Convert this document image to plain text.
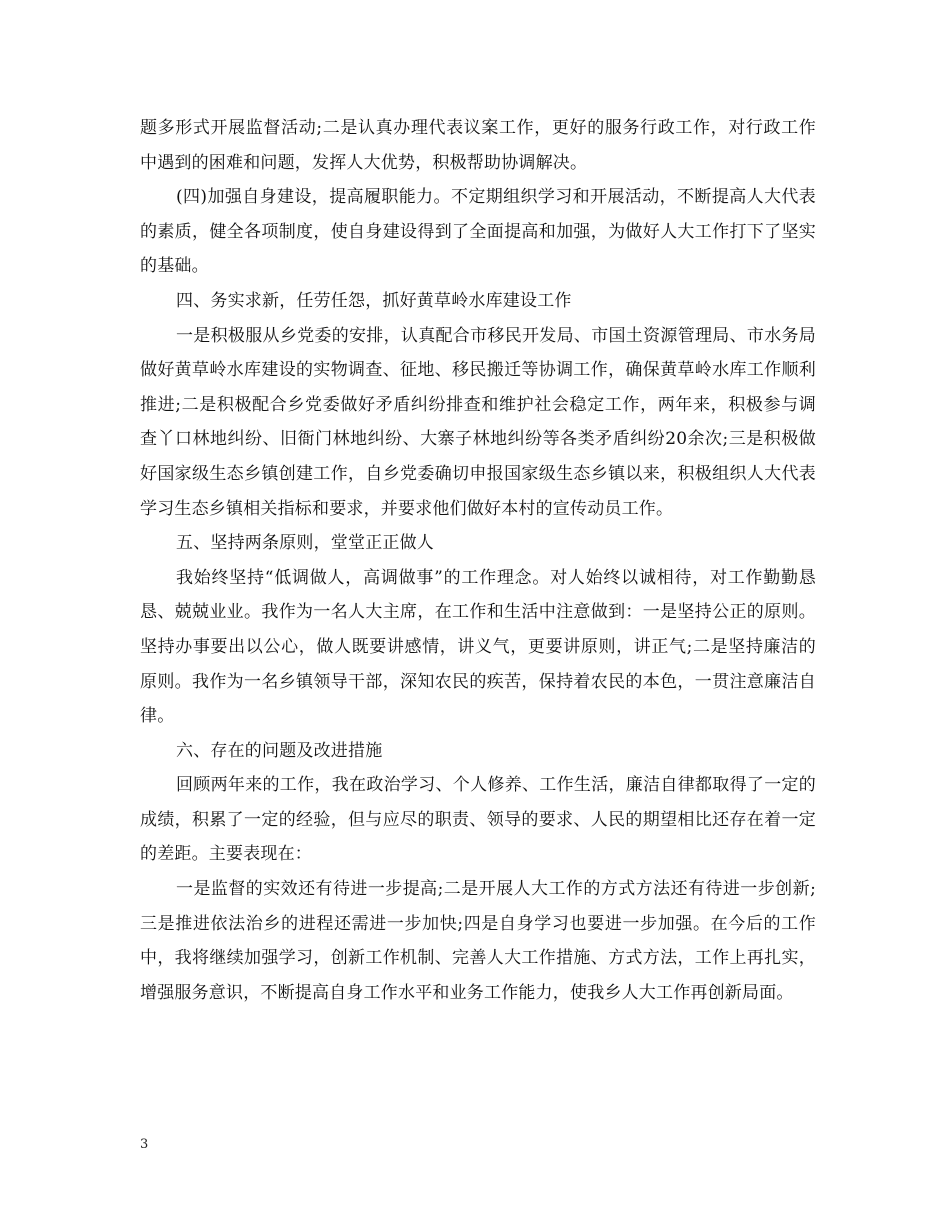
题多形式开展监督活动;二是认真办理代表议案工作，更好的服务行政工作，对行政工作中遇到的困难和问题，发挥人大优势，积极帮助协调解决。

(四)加强自身建设，提高履职能力。不定期组织学习和开展活动，不断提高人大代表的素质，健全各项制度，使自身建设得到了全面提高和加强，为做好人大工作打下了坚实的基础。

四、务实求新，任劳任怨，抓好黄草岭水库建设工作

一是积极服从乡党委的安排，认真配合市移民开发局、市国土资源管理局、市水务局做好黄草岭水库建设的实物调查、征地、移民搬迁等协调工作，确保黄草岭水库工作顺利推进;二是积极配合乡党委做好矛盾纠纷排查和维护社会稳定工作，两年来，积极参与调查丫口林地纠纷、旧衙门林地纠纷、大寨子林地纠纷等各类矛盾纠纷20余次;三是积极做好国家级生态乡镇创建工作，自乡党委确切申报国家级生态乡镇以来，积极组织人大代表学习生态乡镇相关指标和要求，并要求他们做好本村的宣传动员工作。

五、坚持两条原则，堂堂正正做人

我始终坚持“低调做人，高调做事”的工作理念。对人始终以诚相待，对工作勤勤恳恳、兢兢业业。我作为一名人大主席，在工作和生活中注意做到：一是坚持公正的原则。坚持办事要出以公心，做人既要讲感情，讲义气，更要讲原则，讲正气;二是坚持廉洁的原则。我作为一名乡镇领导干部，深知农民的疾苦，保持着农民的本色，一贯注意廉洁自律。

六、存在的问题及改进措施

回顾两年来的工作，我在政治学习、个人修养、工作生活，廉洁自律都取得了一定的成绩，积累了一定的经验，但与应尽的职责、领导的要求、人民的期望相比还存在着一定的差距。主要表现在：

一是监督的实效还有待进一步提高;二是开展人大工作的方式方法还有待进一步创新;三是推进依法治乡的进程还需进一步加快;四是自身学习也要进一步加强。在今后的工作中，我将继续加强学习，创新工作机制、完善人大工作措施、方式方法，工作上再扎实，增强服务意识，不断提高自身工作水平和业务工作能力，使我乡人大工作再创新局面。

3
